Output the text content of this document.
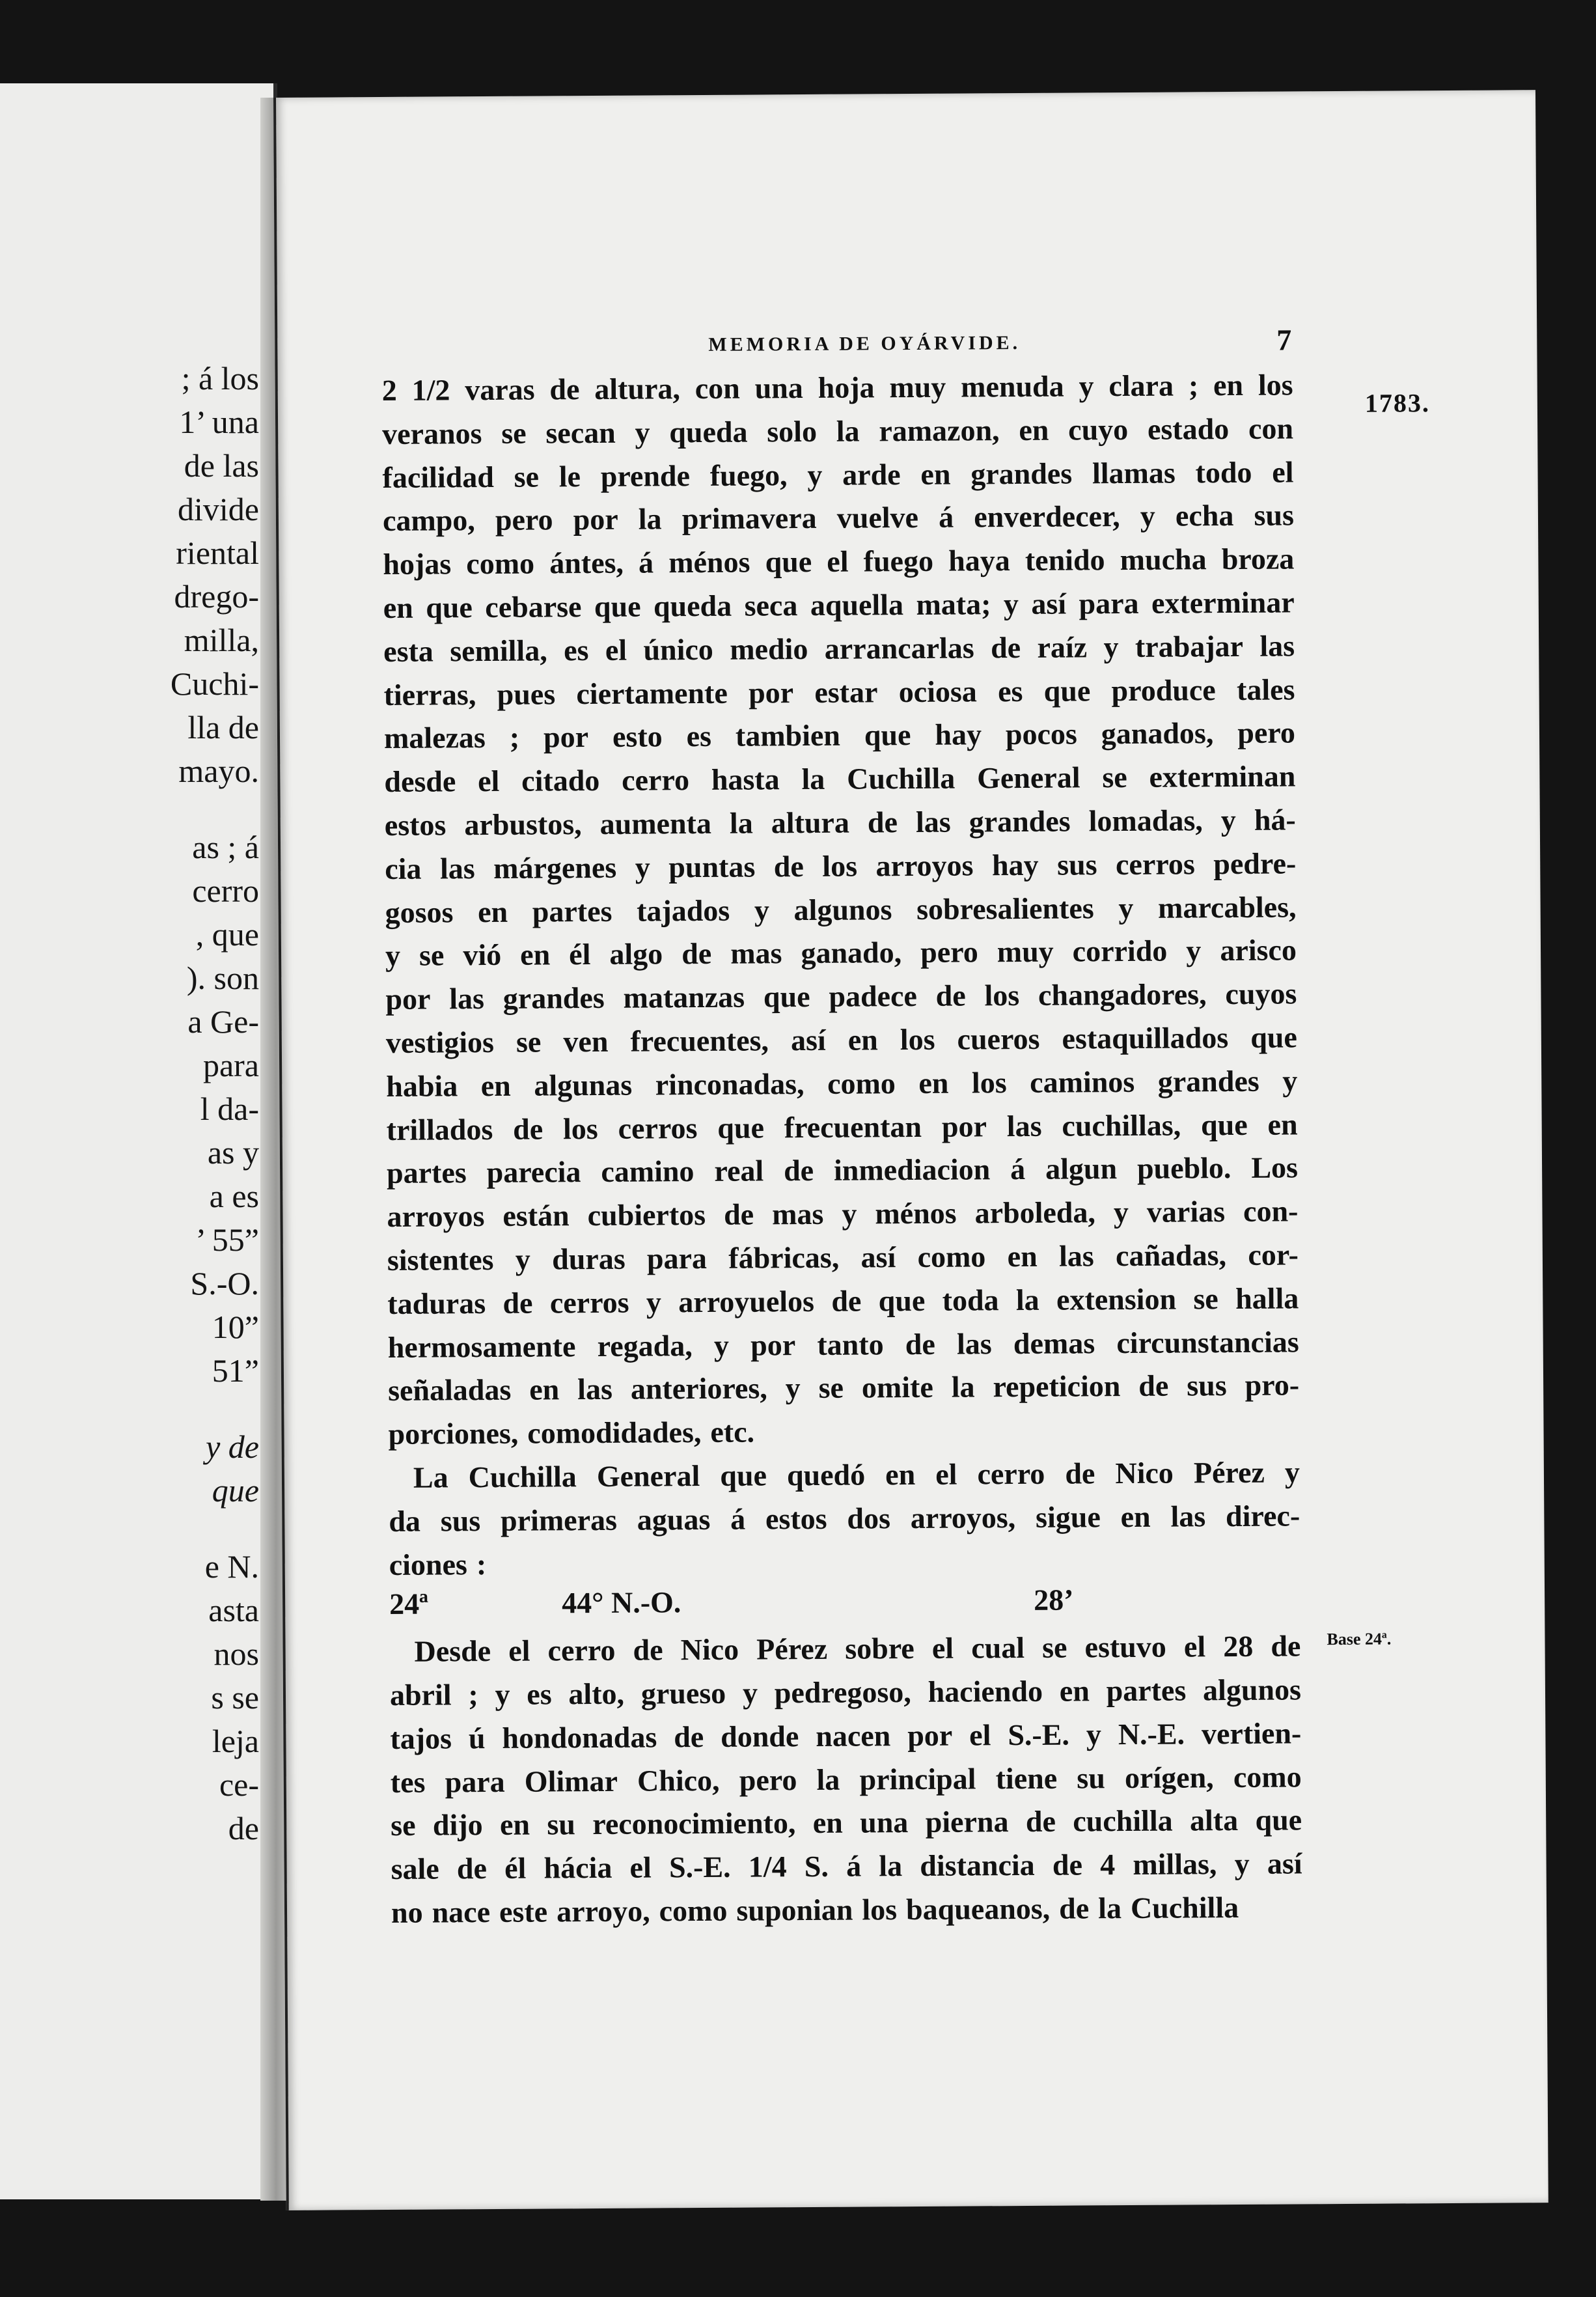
; á los
1’ una
de las
divide
riental
drego-
milla,
Cuchi-
lla de
mayo.
as ; á
cerro
, que
). son
a Ge-
para
l da-
as y
a es
’ 55”
S.-O.
10”
51”
y de
que
e N.
asta
nos
s se
leja
ce-
de
MEMORIA DE OYÁRVIDE.	7
1783.
Base 24ª.
2 1/2 varas de altura, con una hoja muy menuda y clara ; en los
veranos se secan y queda solo la ramazon, en cuyo estado con
facilidad se le prende fuego, y arde en grandes llamas todo el
campo, pero por la primavera vuelve á enverdecer, y echa sus
hojas como ántes, á ménos que el fuego haya tenido mucha broza
en que cebarse que queda seca aquella mata; y así para exterminar
esta semilla, es el único medio arrancarlas de raíz y trabajar las
tierras, pues ciertamente por estar ociosa es que produce tales
malezas ; por esto es tambien que hay pocos ganados, pero
desde el citado cerro hasta la Cuchilla General se exterminan
estos arbustos, aumenta la altura de las grandes lomadas, y há-
cia las márgenes y puntas de los arroyos hay sus cerros pedre-
gosos en partes tajados y algunos sobresalientes y marcables,
y se vió en él algo de mas ganado, pero muy corrido y arisco
por las grandes matanzas que padece de los changadores, cuyos
vestigios se ven frecuentes, así en los cueros estaquillados que
habia en algunas rinconadas, como en los caminos grandes y
trillados de los cerros que frecuentan por las cuchillas, que en
partes parecia camino real de inmediacion á algun pueblo. Los
arroyos están cubiertos de mas y ménos arboleda, y varias con-
sistentes y duras para fábricas, así como en las cañadas, cor-
taduras de cerros y arroyuelos de que toda la extension se halla
hermosamente regada, y por tanto de las demas circunstancias
señaladas en las anteriores, y se omite la repeticion de sus pro-
porciones, comodidades, etc.
La Cuchilla General que quedó en el cerro de Nico Pérez y
da sus primeras aguas á estos dos arroyos, sigue en las direc-
ciones :
24ª	44° N.-O.	28’
Desde el cerro de Nico Pérez sobre el cual se estuvo el 28 de
abril ; y es alto, grueso y pedregoso, haciendo en partes algunos
tajos ú hondonadas de donde nacen por el S.-E. y N.-E. vertien-
tes para Olimar Chico, pero la principal tiene su orígen, como
se dijo en su reconocimiento, en una pierna de cuchilla alta que
sale de él hácia el S.-E. 1/4 S. á la distancia de 4 millas, y así
no nace este arroyo, como suponian los baqueanos, de la Cuchilla
